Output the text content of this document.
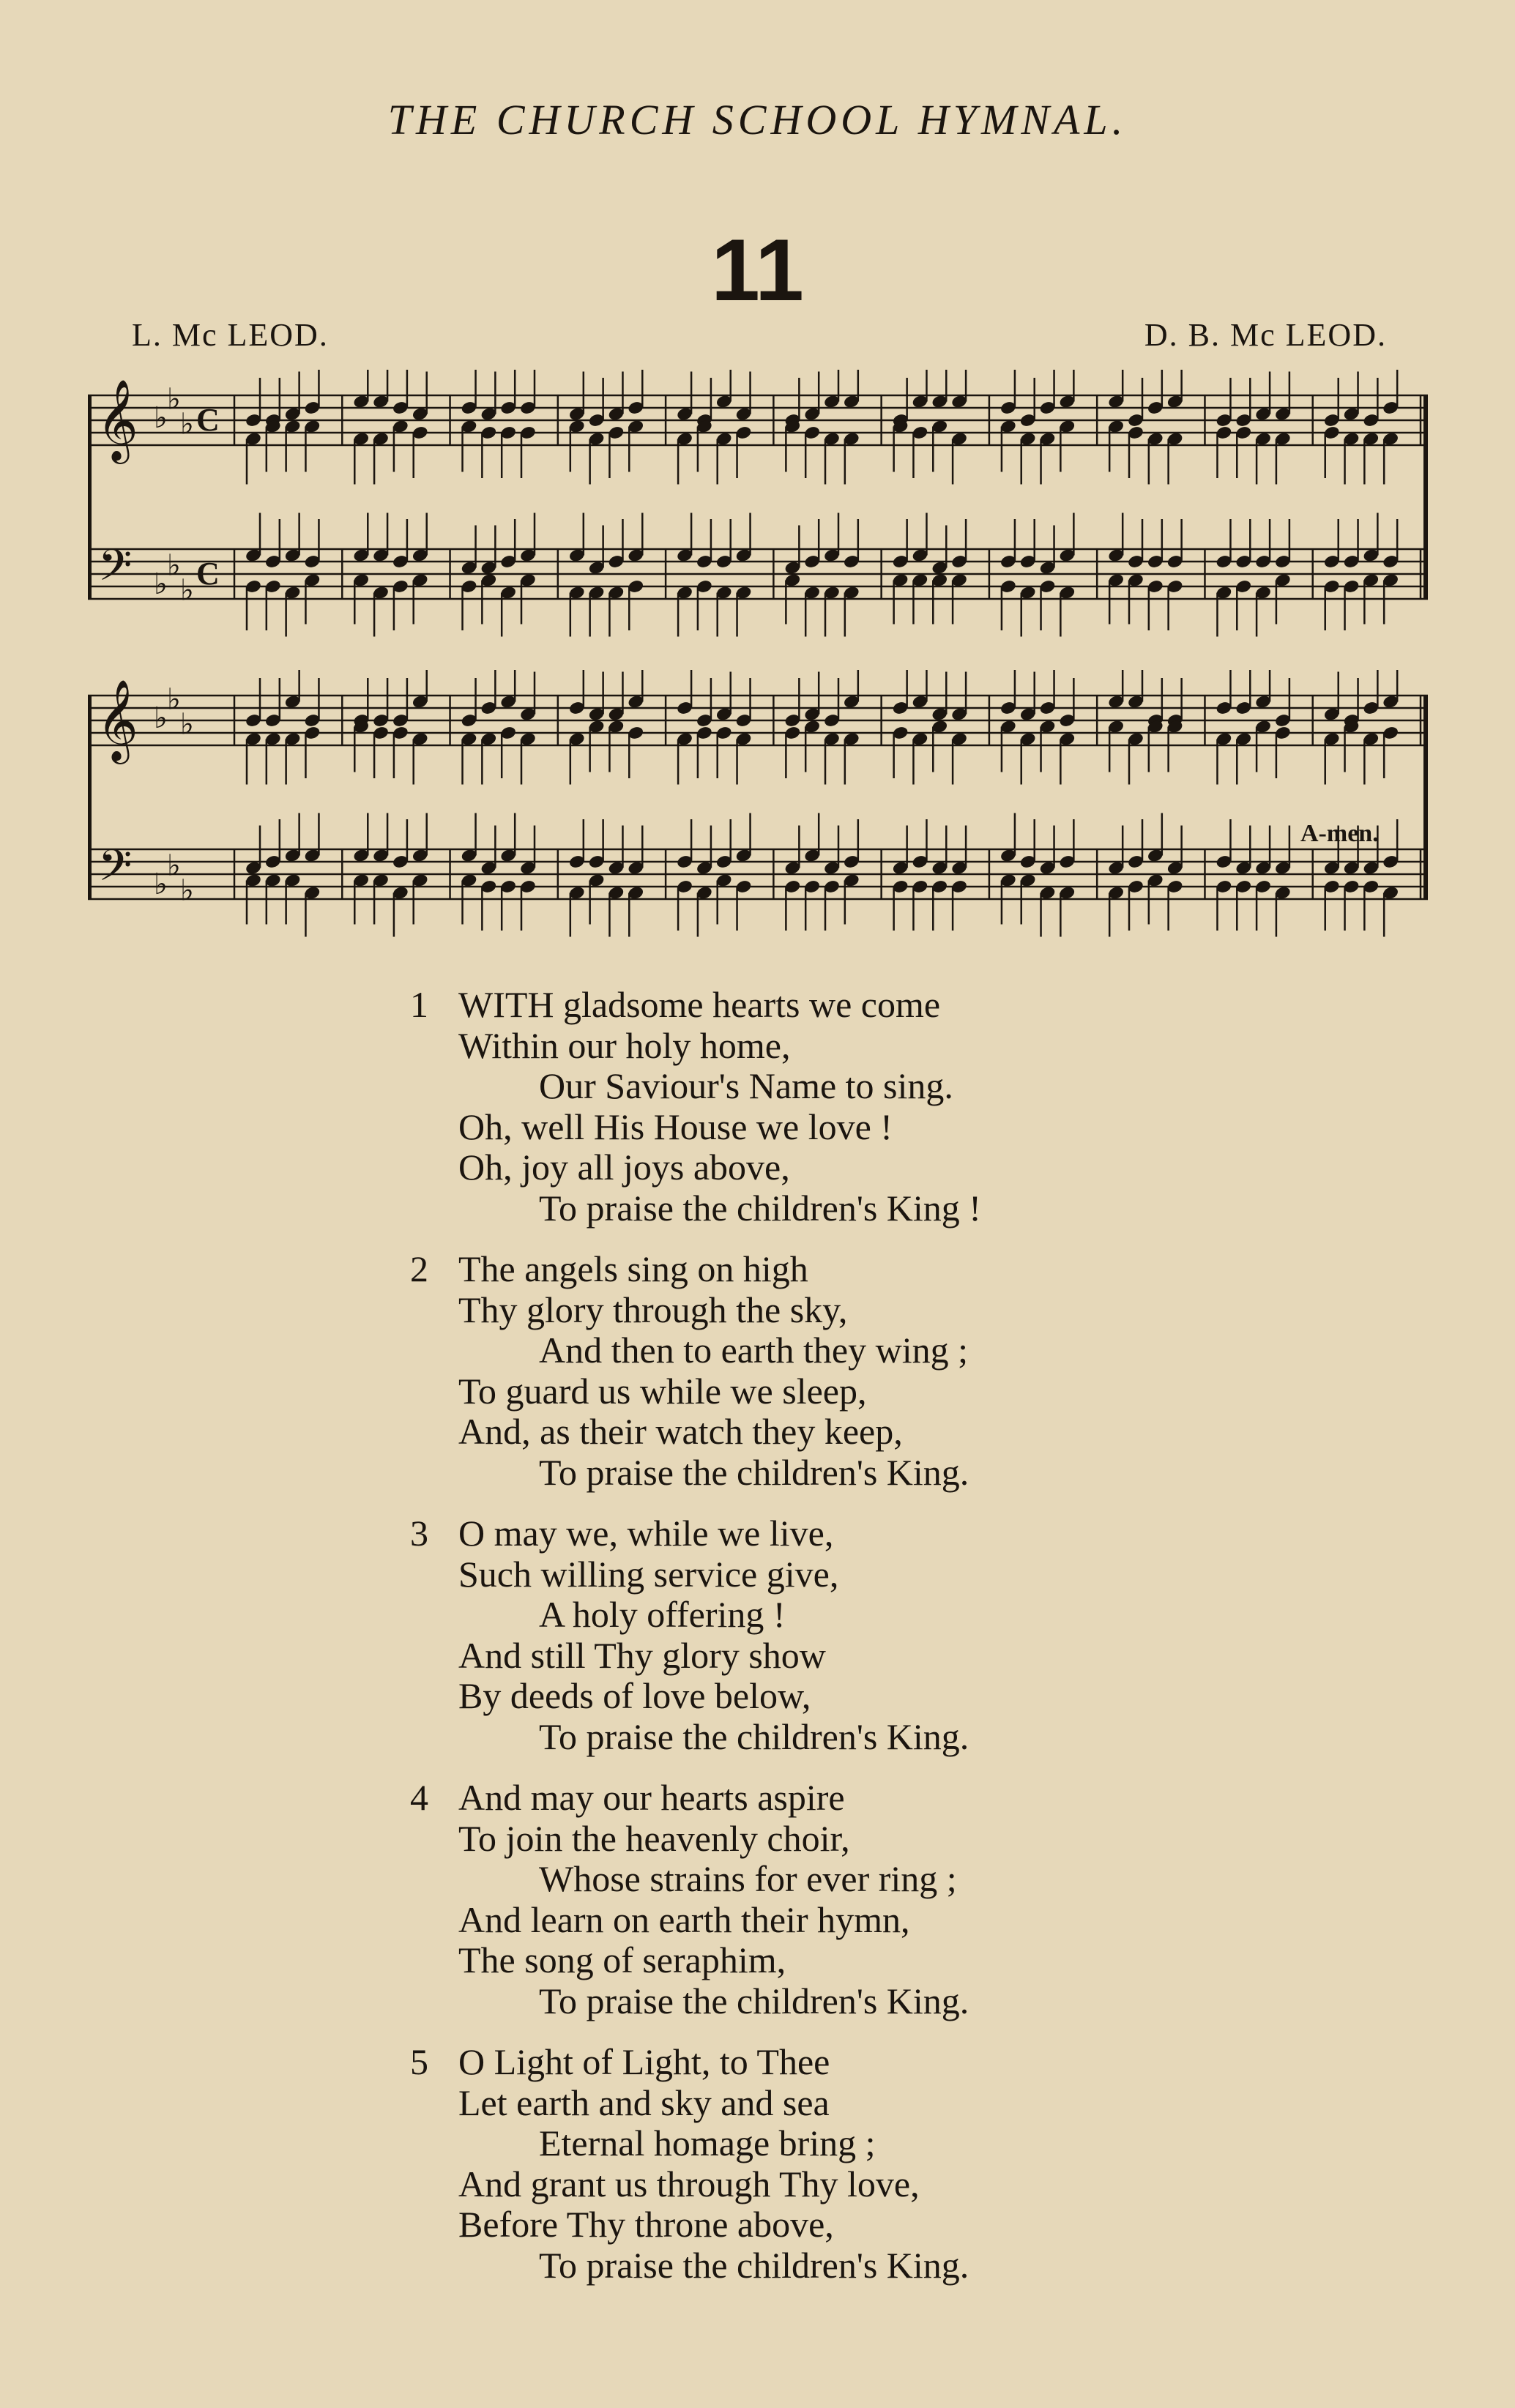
THE CHURCH SCHOOL HYMNAL.
11
L. Mc LEOD.	D. B. Mc LEOD.
𝄞
𝄢
♭
♭
♭
♭
♭
♭
C
C
𝄞
𝄢
♭
♭
♭
♭
♭
♭
A-men.
1 WITH gladsome hearts we come
Within our holy home,
Our Saviour's Name to sing.
Oh, well His House we love !
Oh, joy all joys above,
To praise the children's King !
2 The angels sing on high
Thy glory through the sky,
And then to earth they wing ;
To guard us while we sleep,
And, as their watch they keep,
To praise the children's King.
3 O may we, while we live,
Such willing service give,
A holy offering !
And still Thy glory show
By deeds of love below,
To praise the children's King.
4 And may our hearts aspire
To join the heavenly choir,
Whose strains for ever ring ;
And learn on earth their hymn,
The song of seraphim,
To praise the children's King.
5 O Light of Light, to Thee
Let earth and sky and sea
Eternal homage bring ;
And grant us through Thy love,
Before Thy throne above,
To praise the children's King.
